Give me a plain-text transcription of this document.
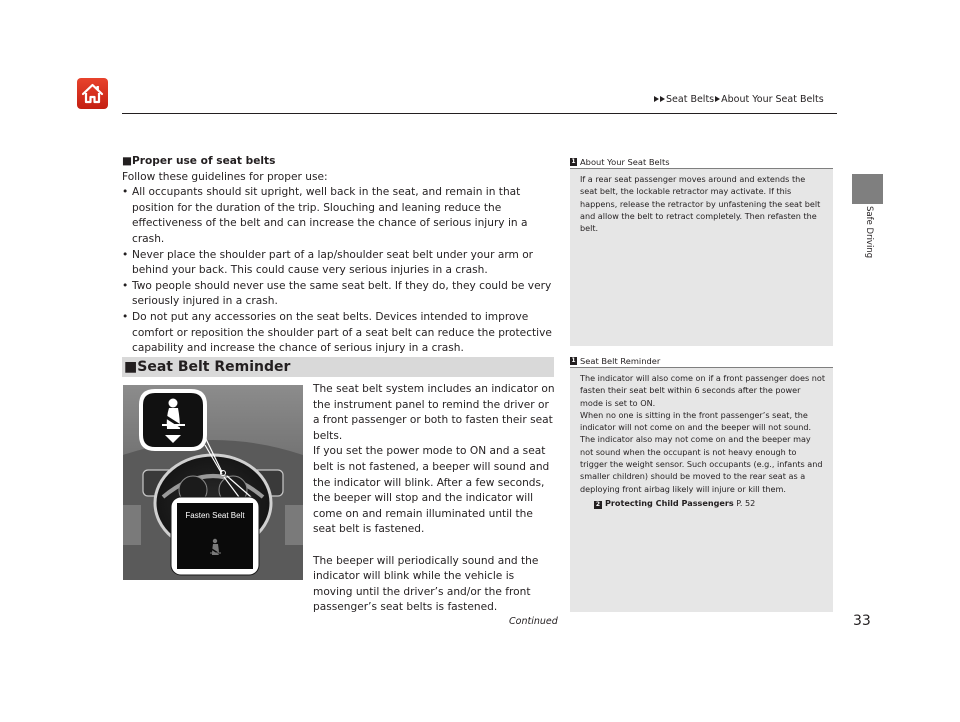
Seat Belts About Your Seat Belts
Safe Driving
■Proper use of seat belts
Follow these guidelines for proper use:
• All occupants should sit upright, well back in the seat, and remain in that position for the duration of the trip. Slouching and leaning reduce the effectiveness of the belt and can increase the chance of serious injury in a crash.
• Never place the shoulder part of a lap/shoulder seat belt under your arm or behind your back. This could cause very serious injuries in a crash.
• Two people should never use the same seat belt. If they do, they could be very seriously injured in a crash.
• Do not put any accessories on the seat belts. Devices intended to improve comfort or reposition the shoulder part of a seat belt can reduce the protective capability and increase the chance of serious injury in a crash.
■Seat Belt Reminder
Fasten Seat Belt
The seat belt system includes an indicator on the instrument panel to remind the driver or a front passenger or both to fasten their seat belts.
If you set the power mode to ON and a seat belt is not fastened, a beeper will sound and the indicator will blink. After a few seconds, the beeper will stop and the indicator will come on and remain illuminated until the seat belt is fastened.
The beeper will periodically sound and the indicator will blink while the vehicle is moving until the driver’s and/or the front passenger’s seat belts is fastened.
1 About Your Seat Belts
If a rear seat passenger moves around and extends the seat belt, the lockable retractor may activate. If this happens, release the retractor by unfastening the seat belt and allow the belt to retract completely. Then refasten the belt.
1 Seat Belt Reminder
The indicator will also come on if a front passenger does not fasten their seat belt within 6 seconds after the power mode is set to ON.
When no one is sitting in the front passenger’s seat, the indicator will not come on and the beeper will not sound.
The indicator also may not come on and the beeper may not sound when the occupant is not heavy enough to trigger the weight sensor. Such occupants (e.g., infants and smaller children) should be moved to the rear seat as a deploying front airbag likely will injure or kill them.
2 Protecting Child Passengers P. 52
Continued	33
